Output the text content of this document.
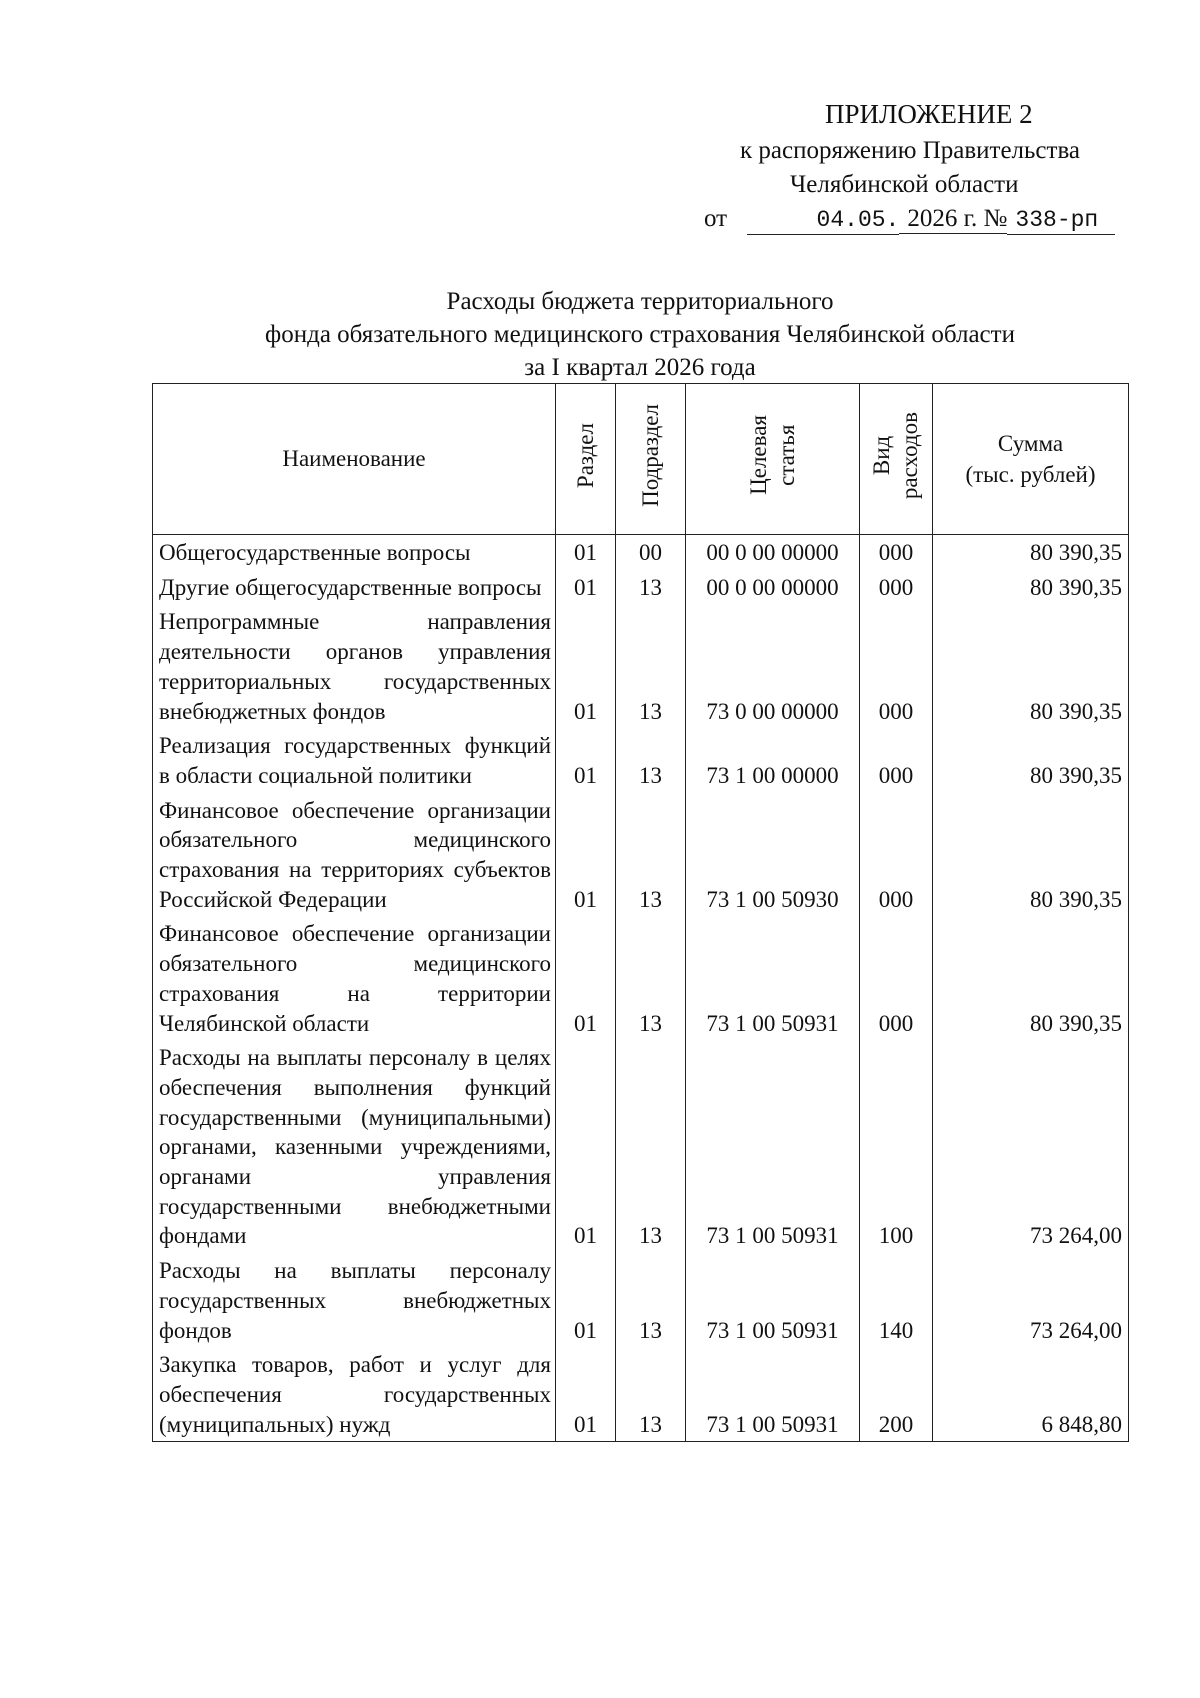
ПРИЛОЖЕНИЕ 2
к распоряжению Правительства
Челябинской области
от	04.05. 2026 г. № 338-рп
Расходы бюджета территориального
фонда обязательного медицинского страхования Челябинской области
за I квартал 2026 года
Наименование	Раздел	Подраздел	Целевая статья	Вид расходов	Сумма
(тыс. рублей)

Общегосударственные вопросы	01	00	00 0 00 00000	000	80 390,35
Другие общегосударственные вопросы	01	13	00 0 00 00000	000	80 390,35
Непрограммные направления деятельности органов управления территориальных государственных внебюджетных фондов	01	13	73 0 00 00000	000	80 390,35
Реализация государственных функций в области социальной политики	01	13	73 1 00 00000	000	80 390,35
Финансовое обеспечение организации обязательного медицинского страхования на территориях субъектов Российской Федерации	01	13	73 1 00 50930	000	80 390,35
Финансовое обеспечение организации обязательного медицинского страхования на территории Челябинской области	01	13	73 1 00 50931	000	80 390,35
Расходы на выплаты персоналу в целях обеспечения выполнения функций государственными (муниципальными) органами, казенными учреждениями, органами управления государственными внебюджетными фондами	01	13	73 1 00 50931	100	73 264,00
Расходы на выплаты персоналу государственных внебюджетных фондов	01	13	73 1 00 50931	140	73 264,00
Закупка товаров, работ и услуг для обеспечения государственных (муниципальных) нужд	01	13	73 1 00 50931	200	6 848,80
